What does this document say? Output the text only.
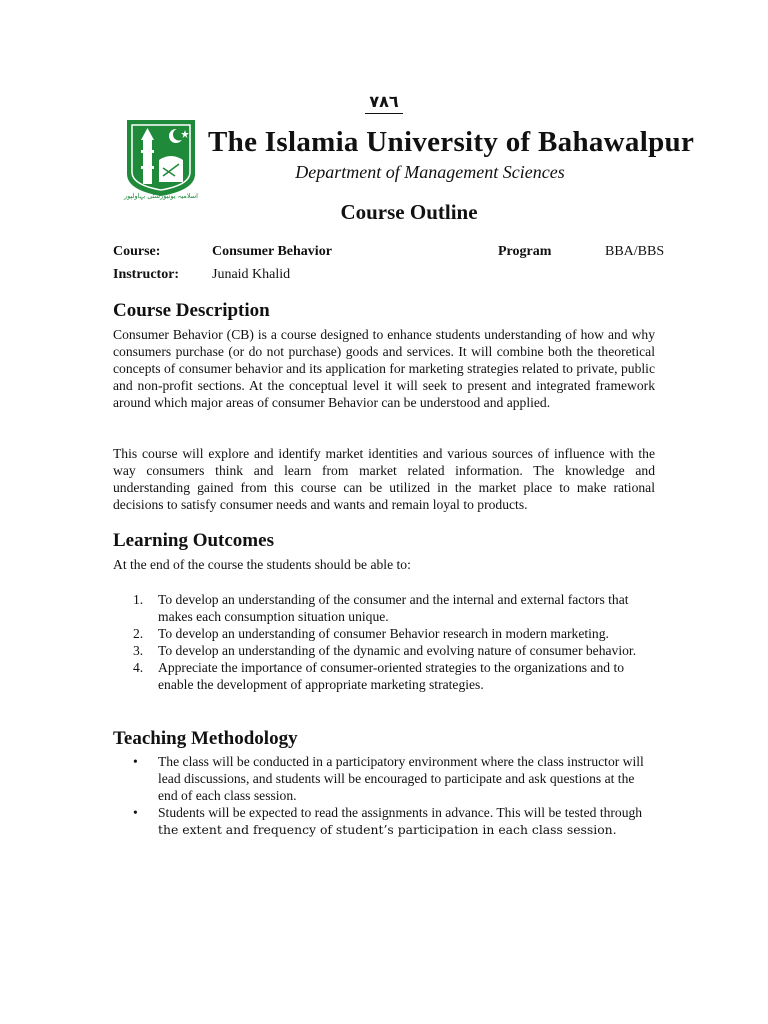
٧٨٦
اسلامیہ یونیورسٹی بہاولپور
The Islamia University of Bahawalpur
Department of Management Sciences
Course Outline
Course:	Consumer Behavior	Program	BBA/BBS
Instructor: Junaid Khalid
Course Description

Consumer Behavior (CB) is a course designed to enhance students understanding of how and why consumers purchase (or do not purchase) goods and services. It will combine both the theoretical concepts of consumer behavior and its application for marketing strategies related to private, public and non-profit sections. At the conceptual level it will seek to present and integrated framework around which major areas of consumer Behavior can be understood and applied.

This course will explore and identify market identities and various sources of influence with the way consumers think and learn from market related information. The knowledge and understanding gained from this course can be utilized in the market place to make rational decisions to satisfy consumer needs and wants and remain loyal to products.

Learning Outcomes

At the end of the course the students should be able to:

1. To develop an understanding of the consumer and the internal and external factors that makes each consumption situation unique.
2. To develop an understanding of consumer Behavior research in modern marketing.
3. To develop an understanding of the dynamic and evolving nature of consumer behavior.
4. Appreciate the importance of consumer-oriented strategies to the organizations and to enable the development of appropriate marketing strategies.
Teaching Methodology
• The class will be conducted in a participatory environment where the class instructor will lead discussions, and students will be encouraged to participate and ask questions at the end of each class session.
• Students will be expected to read the assignments in advance. This will be tested through the extent and frequency of student’s participation in each class session.
